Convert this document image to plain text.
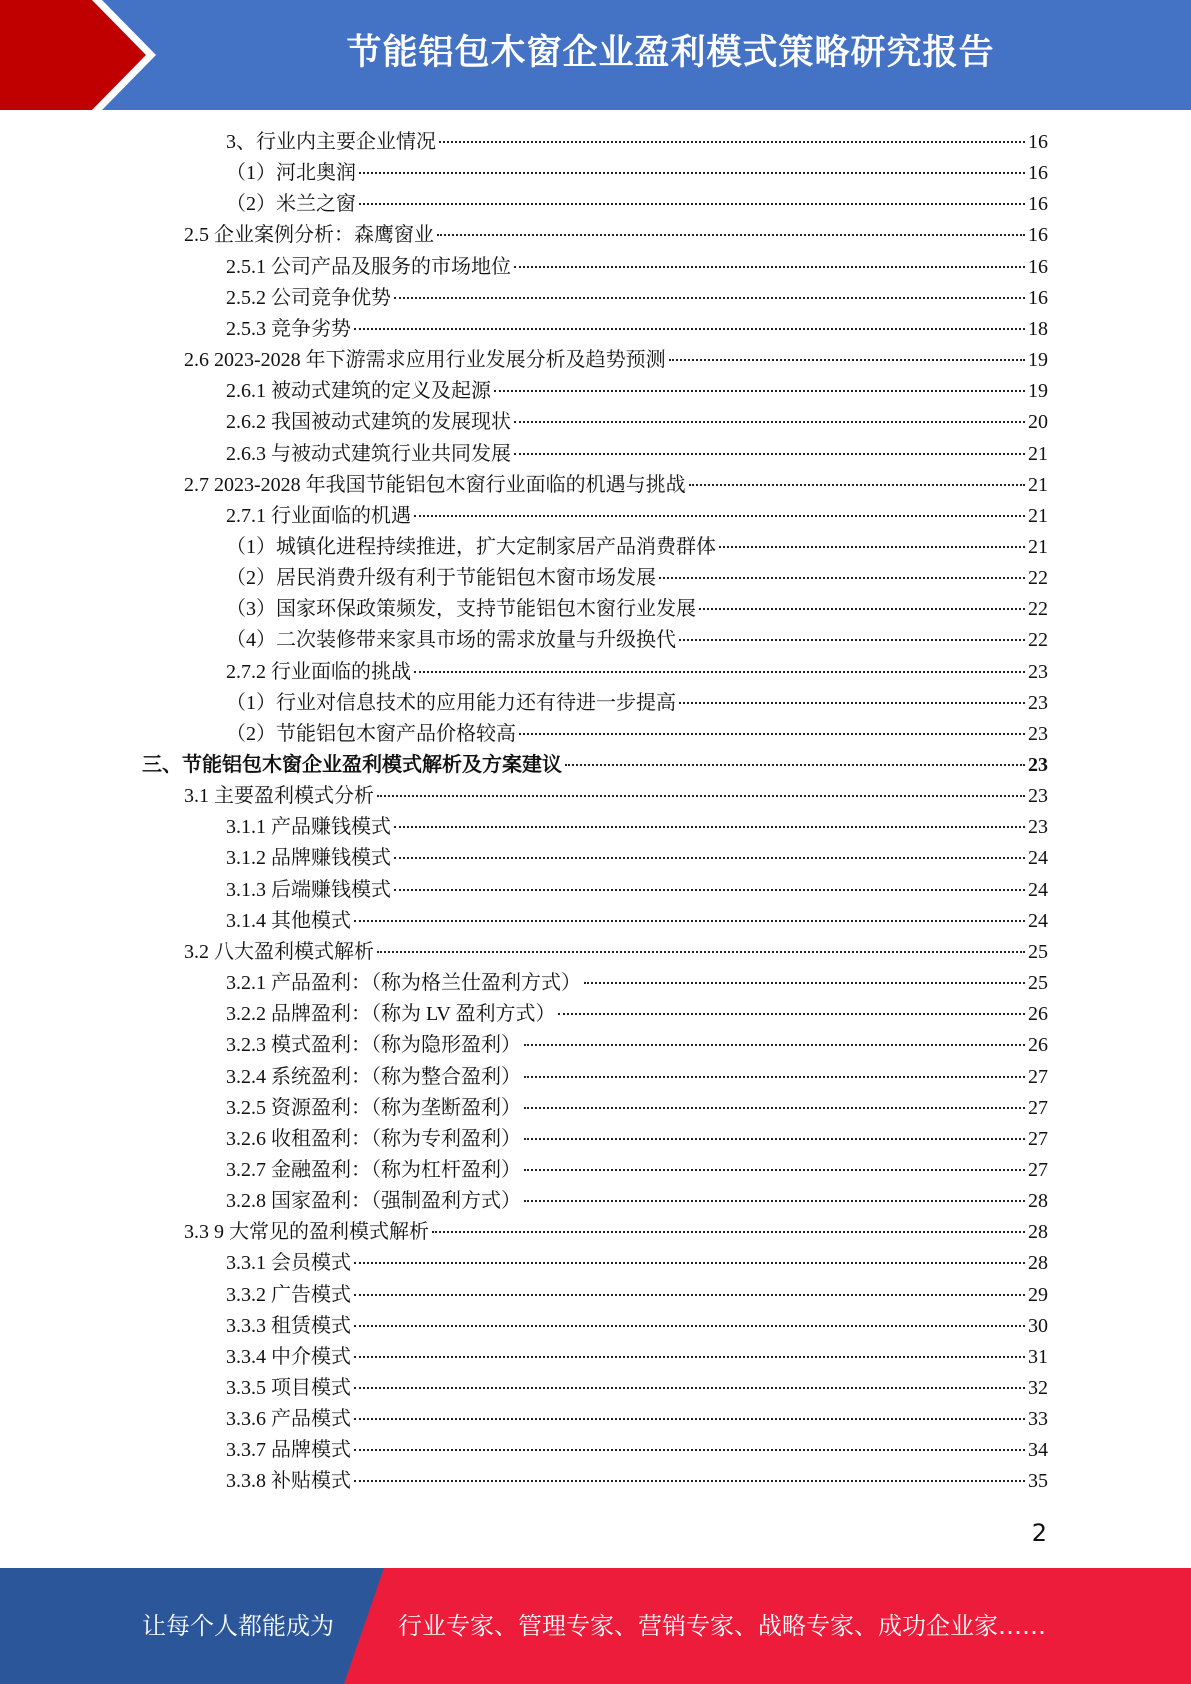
节能铝包木窗企业盈利模式策略研究报告
3、行业内主要企业情况	16
（1）河北奥润	16
（2）米兰之窗	16
2.5 企业案例分析：森鹰窗业	16
2.5.1 公司产品及服务的市场地位	16
2.5.2 公司竞争优势	16
2.5.3 竞争劣势	18
2.6 2023-2028 年下游需求应用行业发展分析及趋势预测	19
2.6.1 被动式建筑的定义及起源	19
2.6.2 我国被动式建筑的发展现状	20
2.6.3 与被动式建筑行业共同发展	21
2.7 2023-2028 年我国节能铝包木窗行业面临的机遇与挑战	21
2.7.1 行业面临的机遇	21
（1）城镇化进程持续推进，扩大定制家居产品消费群体	21
（2）居民消费升级有利于节能铝包木窗市场发展	22
（3）国家环保政策频发，支持节能铝包木窗行业发展	22
（4）二次装修带来家具市场的需求放量与升级换代	22
2.7.2 行业面临的挑战	23
（1）行业对信息技术的应用能力还有待进一步提高	23
（2）节能铝包木窗产品价格较高	23
三、节能铝包木窗企业盈利模式解析及方案建议	23
3.1 主要盈利模式分析	23
3.1.1 产品赚钱模式	23
3.1.2 品牌赚钱模式	24
3.1.3 后端赚钱模式	24
3.1.4 其他模式	24
3.2 八大盈利模式解析	25
3.2.1 产品盈利：（称为格兰仕盈利方式）	25
3.2.2 品牌盈利：（称为 LV 盈利方式）	26
3.2.3 模式盈利：（称为隐形盈利）	26
3.2.4 系统盈利：（称为整合盈利）	27
3.2.5 资源盈利：（称为垄断盈利）	27
3.2.6 收租盈利：（称为专利盈利）	27
3.2.7 金融盈利：（称为杠杆盈利）	27
3.2.8 国家盈利：（强制盈利方式）	28
3.3 9 大常见的盈利模式解析	28
3.3.1 会员模式	28
3.3.2 广告模式	29
3.3.3 租赁模式	30
3.3.4 中介模式	31
3.3.5 项目模式	32
3.3.6 产品模式	33
3.3.7 品牌模式	34
3.3.8 补贴模式	35
2
让每个人都能成为	行业专家、管理专家、营销专家、战略专家、成功企业家……
